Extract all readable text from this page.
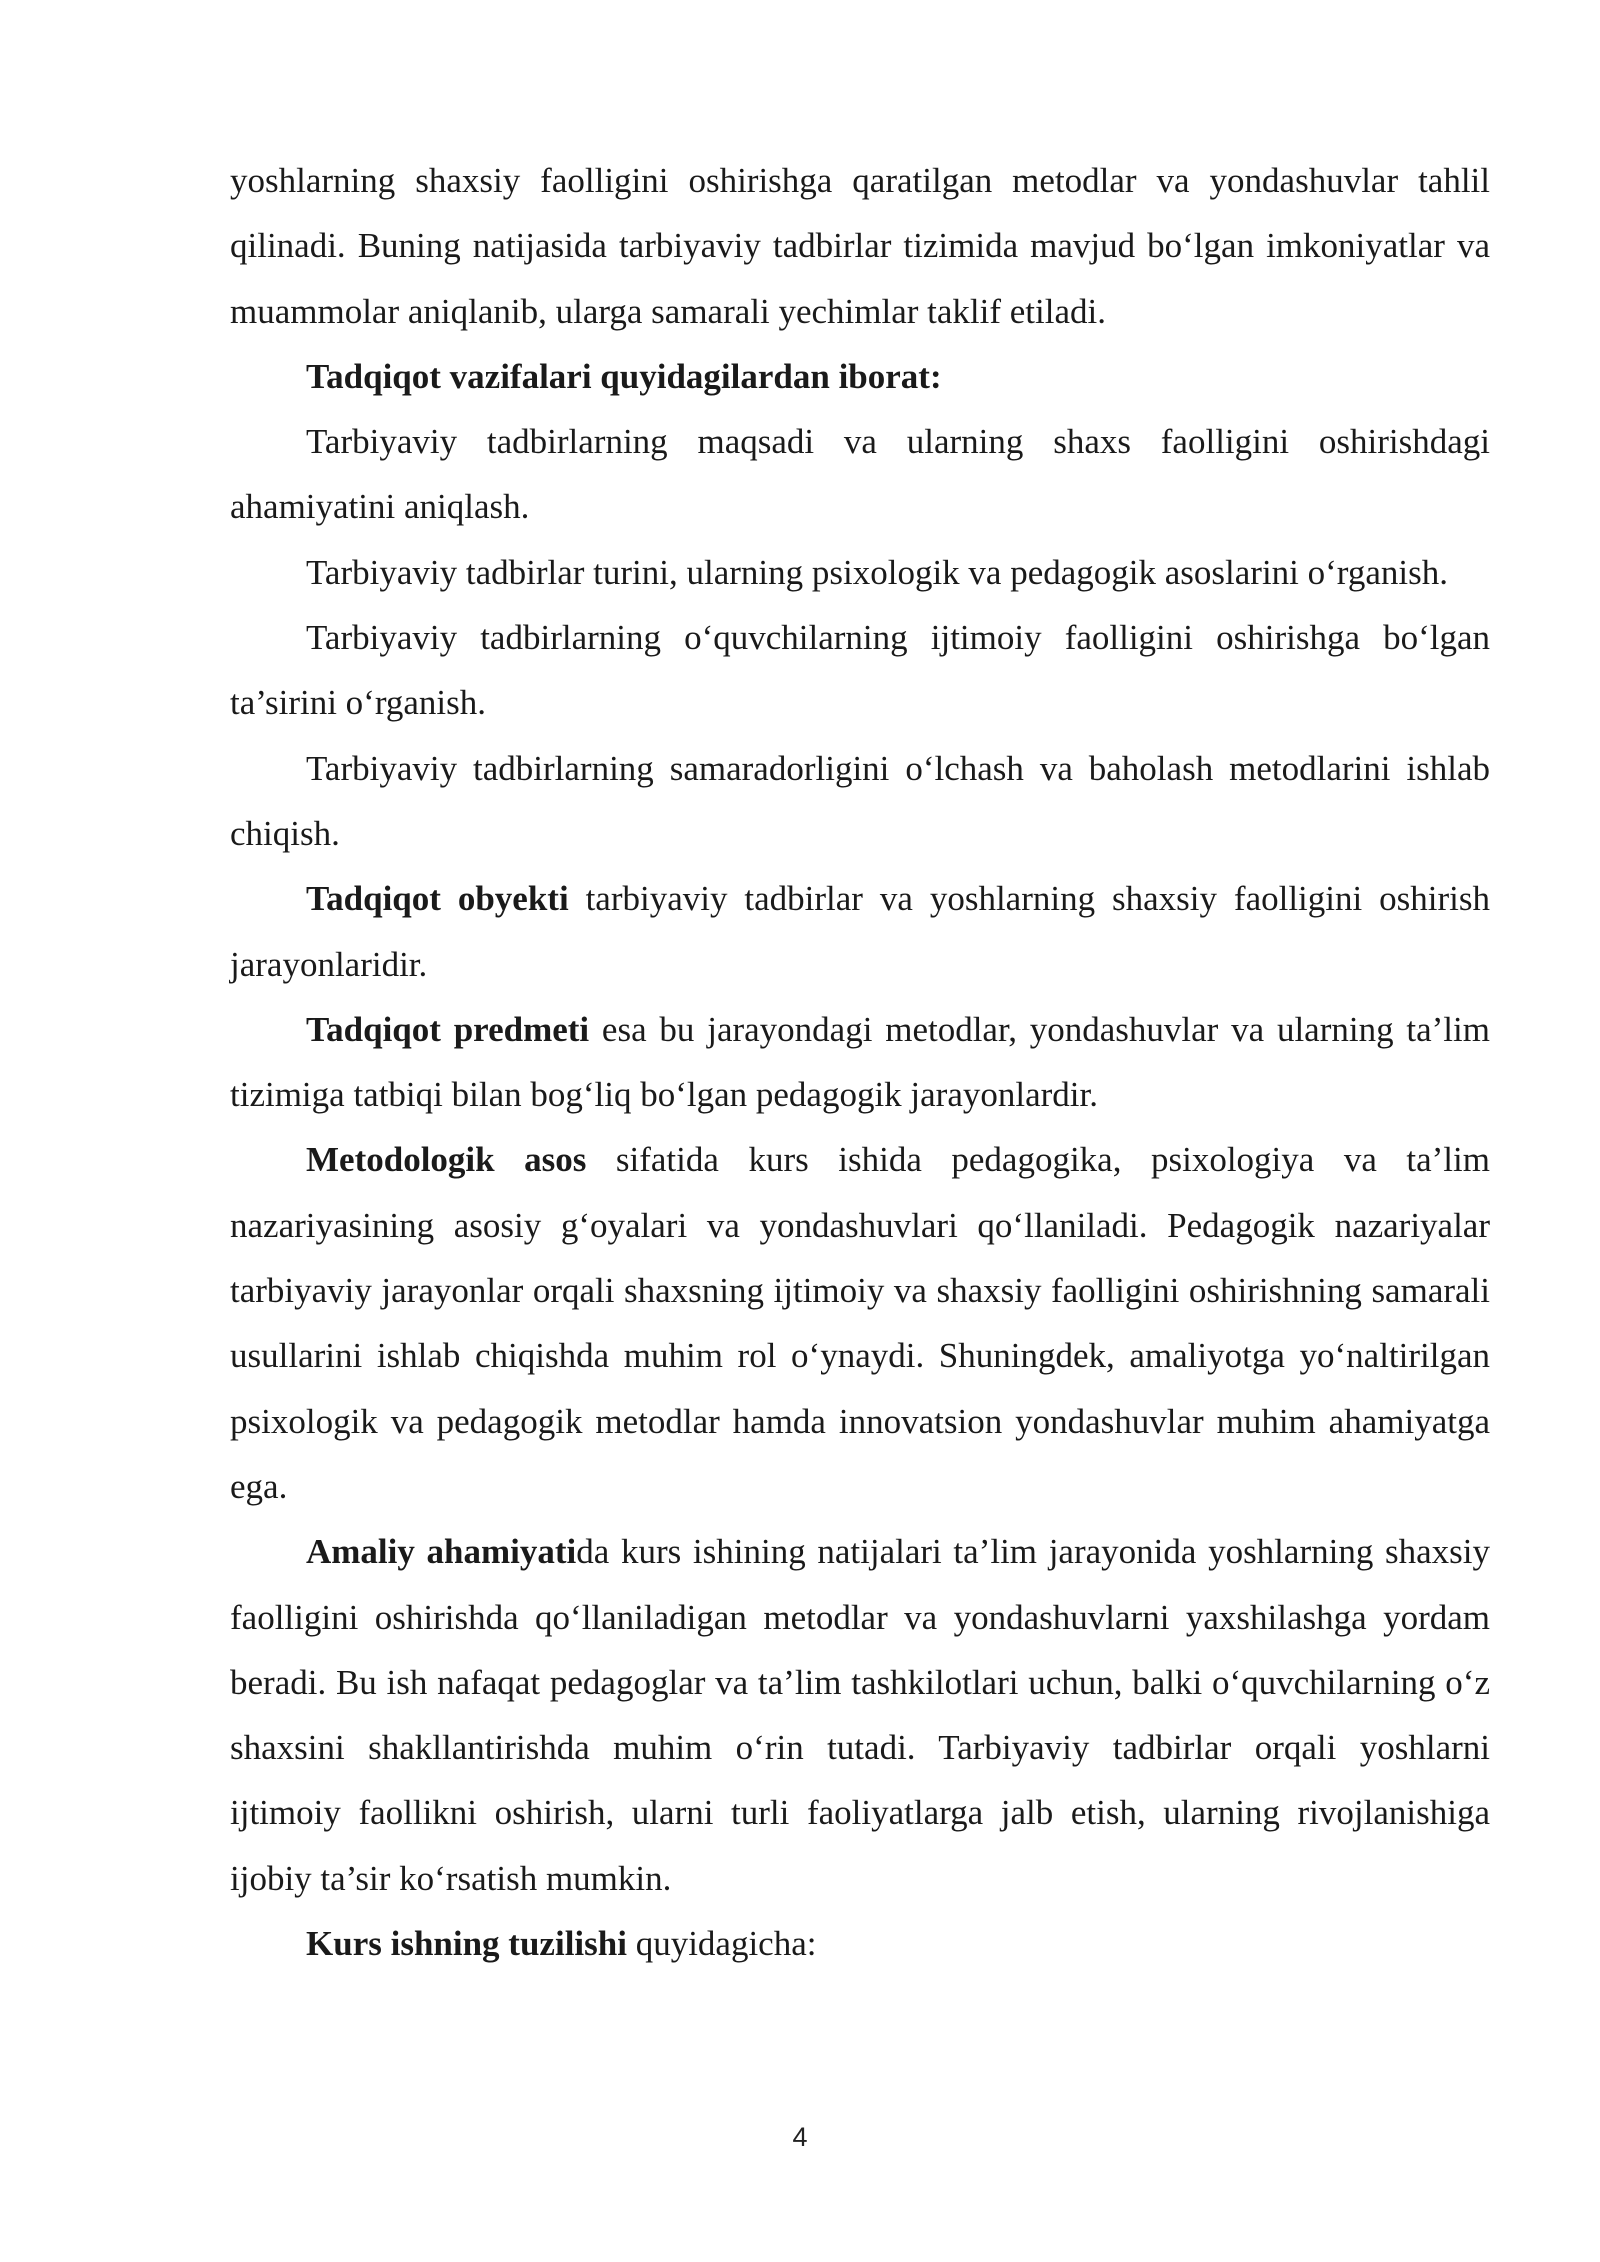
yoshlarning shaxsiy faolligini oshirishga qaratilgan metodlar va yondashuvlar tahlil qilinadi. Buning natijasida tarbiyaviy tadbirlar tizimida mavjud bo‘lgan imkoniyatlar va muammolar aniqlanib, ularga samarali yechimlar taklif etiladi.

Tadqiqot vazifalari quyidagilardan iborat:

Tarbiyaviy tadbirlarning maqsadi va ularning shaxs faolligini oshirishdagi ahamiyatini aniqlash.

Tarbiyaviy tadbirlar turini, ularning psixologik va pedagogik asoslarini o‘rganish.

Tarbiyaviy tadbirlarning o‘quvchilarning ijtimoiy faolligini oshirishga bo‘lgan ta’sirini o‘rganish.

Tarbiyaviy tadbirlarning samaradorligini o‘lchash va baholash metodlarini ishlab chiqish.

Tadqiqot obyekti tarbiyaviy tadbirlar va yoshlarning shaxsiy faolligini oshirish jarayonlaridir.

Tadqiqot predmeti esa bu jarayondagi metodlar, yondashuvlar va ularning ta’lim tizimiga tatbiqi bilan bog‘liq bo‘lgan pedagogik jarayonlardir.

Metodologik asos sifatida kurs ishida pedagogika, psixologiya va ta’lim nazariyasining asosiy g‘oyalari va yondashuvlari qo‘llaniladi. Pedagogik nazariyalar tarbiyaviy jarayonlar orqali shaxsning ijtimoiy va shaxsiy faolligini oshirishning samarali usullarini ishlab chiqishda muhim rol o‘ynaydi. Shuningdek, amaliyotga yo‘naltirilgan psixologik va pedagogik metodlar hamda innovatsion yondashuvlar muhim ahamiyatga ega.

Amaliy ahamiyatida kurs ishining natijalari ta’lim jarayonida yoshlarning shaxsiy faolligini oshirishda qo‘llaniladigan metodlar va yondashuvlarni yaxshilashga yordam beradi. Bu ish nafaqat pedagoglar va ta’lim tashkilotlari uchun, balki o‘quvchilarning o‘z shaxsini shakllantirishda muhim o‘rin tutadi. Tarbiyaviy tadbirlar orqali yoshlarni ijtimoiy faollikni oshirish, ularni turli faoliyatlarga jalb etish, ularning rivojlanishiga ijobiy ta’sir ko‘rsatish mumkin.

Kurs ishning tuzilishi quyidagicha:

4
